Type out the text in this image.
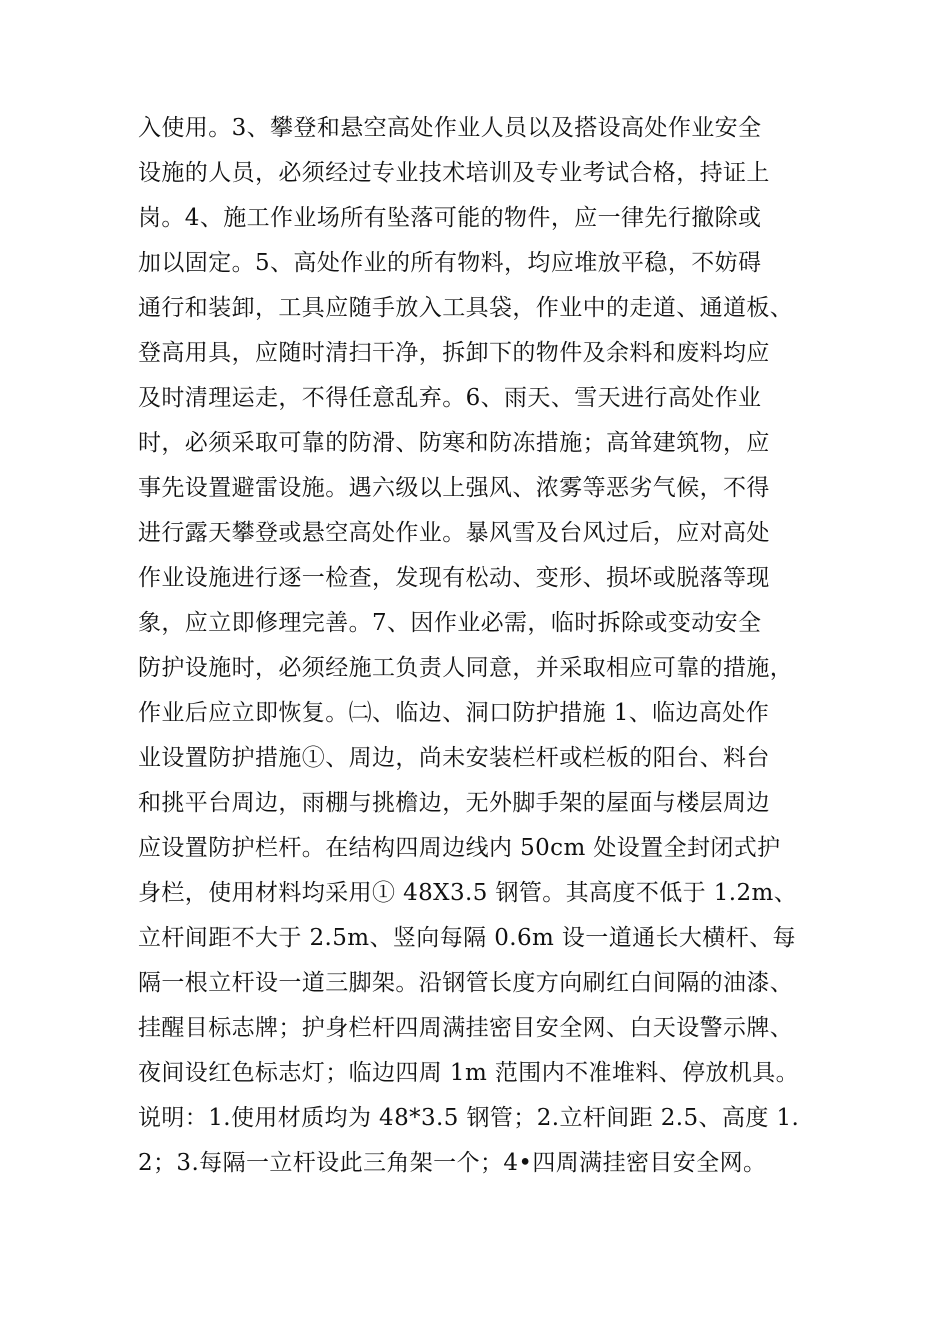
入使用。3、攀登和悬空高处作业人员以及搭设高处作业安全
设施的人员，必须经过专业技术培训及专业考试合格，持证上
岗。4、施工作业场所有坠落可能的物件，应一律先行撤除或
加以固定。5、高处作业的所有物料，均应堆放平稳，不妨碍
通行和装卸，工具应随手放入工具袋，作业中的走道、通道板、
登高用具，应随时清扫干净，拆卸下的物件及余料和废料均应
及时清理运走，不得任意乱弃。6、雨天、雪天进行高处作业
时，必须采取可靠的防滑、防寒和防冻措施；高耸建筑物，应
事先设置避雷设施。遇六级以上强风、浓雾等恶劣气候，不得
进行露天攀登或悬空高处作业。暴风雪及台风过后，应对高处
作业设施进行逐一检查，发现有松动、变形、损坏或脱落等现
象，应立即修理完善。7、因作业必需，临时拆除或变动安全
防护设施时，必须经施工负责人同意，并采取相应可靠的措施，
作业后应立即恢复。㈡、临边、洞口防护措施 1、临边高处作
业设置防护措施①、周边，尚未安装栏杆或栏板的阳台、料台
和挑平台周边，雨棚与挑檐边，无外脚手架的屋面与楼层周边
应设置防护栏杆。在结构四周边线内 50cm 处设置全封闭式护
身栏，使用材料均采用① 48X3.5 钢管。其高度不低于 1.2m、
立杆间距不大于 2.5m、竖向每隔 0.6m 设一道通长大横杆、每
隔一根立杆设一道三脚架。沿钢管长度方向刷红白间隔的油漆、
挂醒目标志牌；护身栏杆四周满挂密目安全网、白天设警示牌、
夜间设红色标志灯；临边四周 1m 范围内不准堆料、停放机具。
说明：1.使用材质均为 48*3.5 钢管；2.立杆间距 2.5、高度 1.
2；3.每隔一立杆设此三角架一个；4•四周满挂密目安全网。
